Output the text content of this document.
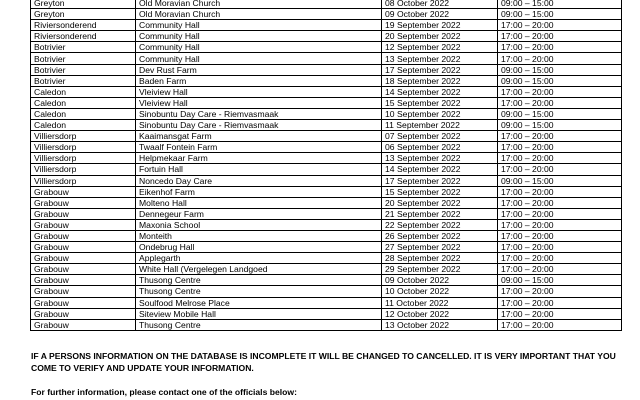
Greyton	Old Moravian Church	08 October 2022	09:00 – 15:00
Greyton	Old Moravian Church	09 October 2022	09:00 – 15:00
Riviersonderend	Community Hall	19 September 2022	17:00 – 20:00
Riviersonderend	Community Hall	20 September 2022	17:00 – 20:00
Botrivier	Community Hall	12 September 2022	17:00 – 20:00
Botrivier	Community Hall	13 September 2022	17:00 – 20:00
Botrivier	Dev Rust Farm	17 September 2022	09:00 – 15:00
Botrivier	Baden Farm	18 September 2022	09:00 – 15:00
Caledon	Vleiview Hall	14 September 2022	17:00 – 20:00
Caledon	Vleiview Hall	15 September 2022	17:00 – 20:00
Caledon	Sinobuntu Day Care - Riemvasmaak	10 September 2022	09:00 – 15:00
Caledon	Sinobuntu Day Care - Riemvasmaak	11 September 2022	09:00 – 15:00
Villiersdorp	Kaaimansgat Farm	07 September 2022	17:00 – 20:00
Villiersdorp	Twaalf Fontein Farm	06 September 2022	17:00 – 20:00
Villiersdorp	Helpmekaar Farm	13 September 2022	17:00 – 20:00
Villiersdorp	Fortuin Hall	14 September 2022	17:00 – 20:00
Villiersdorp	Noncedo Day Care	17 September 2022	09:00 – 15:00
Grabouw	Eikenhof Farm	15 September 2022	17:00 – 20:00
Grabouw	Molteno Hall	20 September 2022	17:00 – 20:00
Grabouw	Dennegeur Farm	21 September 2022	17:00 – 20:00
Grabouw	Maxonia School	22 September 2022	17:00 – 20:00
Grabouw	Monteith	26 September 2022	17:00 – 20:00
Grabouw	Ondebrug Hall	27 September 2022	17:00 – 20:00
Grabouw	Applegarth	28 September 2022	17:00 – 20:00
Grabouw	White Hall (Vergelegen Landgoed	29 September 2022	17:00 – 20:00
Grabouw	Thusong Centre	09 October 2022	09:00 – 15:00
Grabouw	Thusong Centre	10 October 2022	17:00 – 20:00
Grabouw	Soulfood Melrose Place	11 October 2022	17:00 – 20:00
Grabouw	Siteview Mobile Hall	12 October 2022	17:00 – 20:00
Grabouw	Thusong Centre	13 October 2022	17:00 – 20:00
IF A PERSONS INFORMATION ON THE DATABASE IS INCOMPLETE IT WILL BE CHANGED TO CANCELLED. IT IS VERY IMPORTANT THAT YOU COME TO VERIFY AND UPDATE YOUR INFORMATION.
For further information, please contact one of the officials below:
